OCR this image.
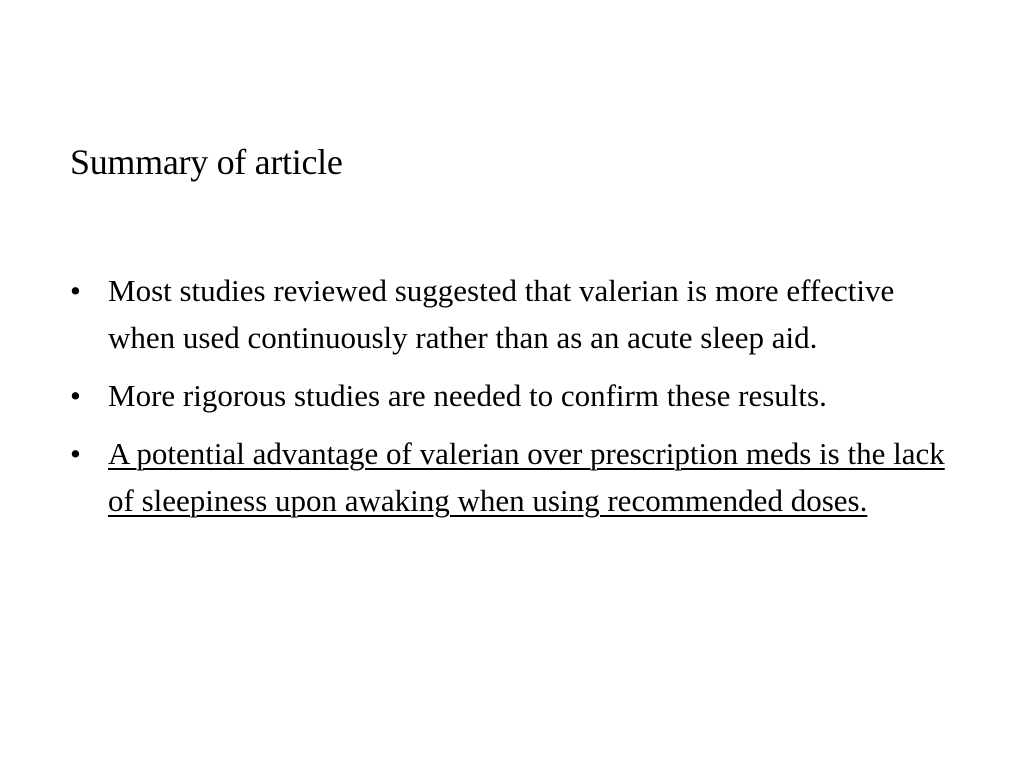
Summary of article
• Most studies reviewed suggested that valerian is more effective when used continuously rather than as an acute sleep aid.
• More rigorous studies are needed to confirm these results.
• A potential advantage of valerian over prescription meds is the lack of sleepiness upon awaking when using recommended doses.
